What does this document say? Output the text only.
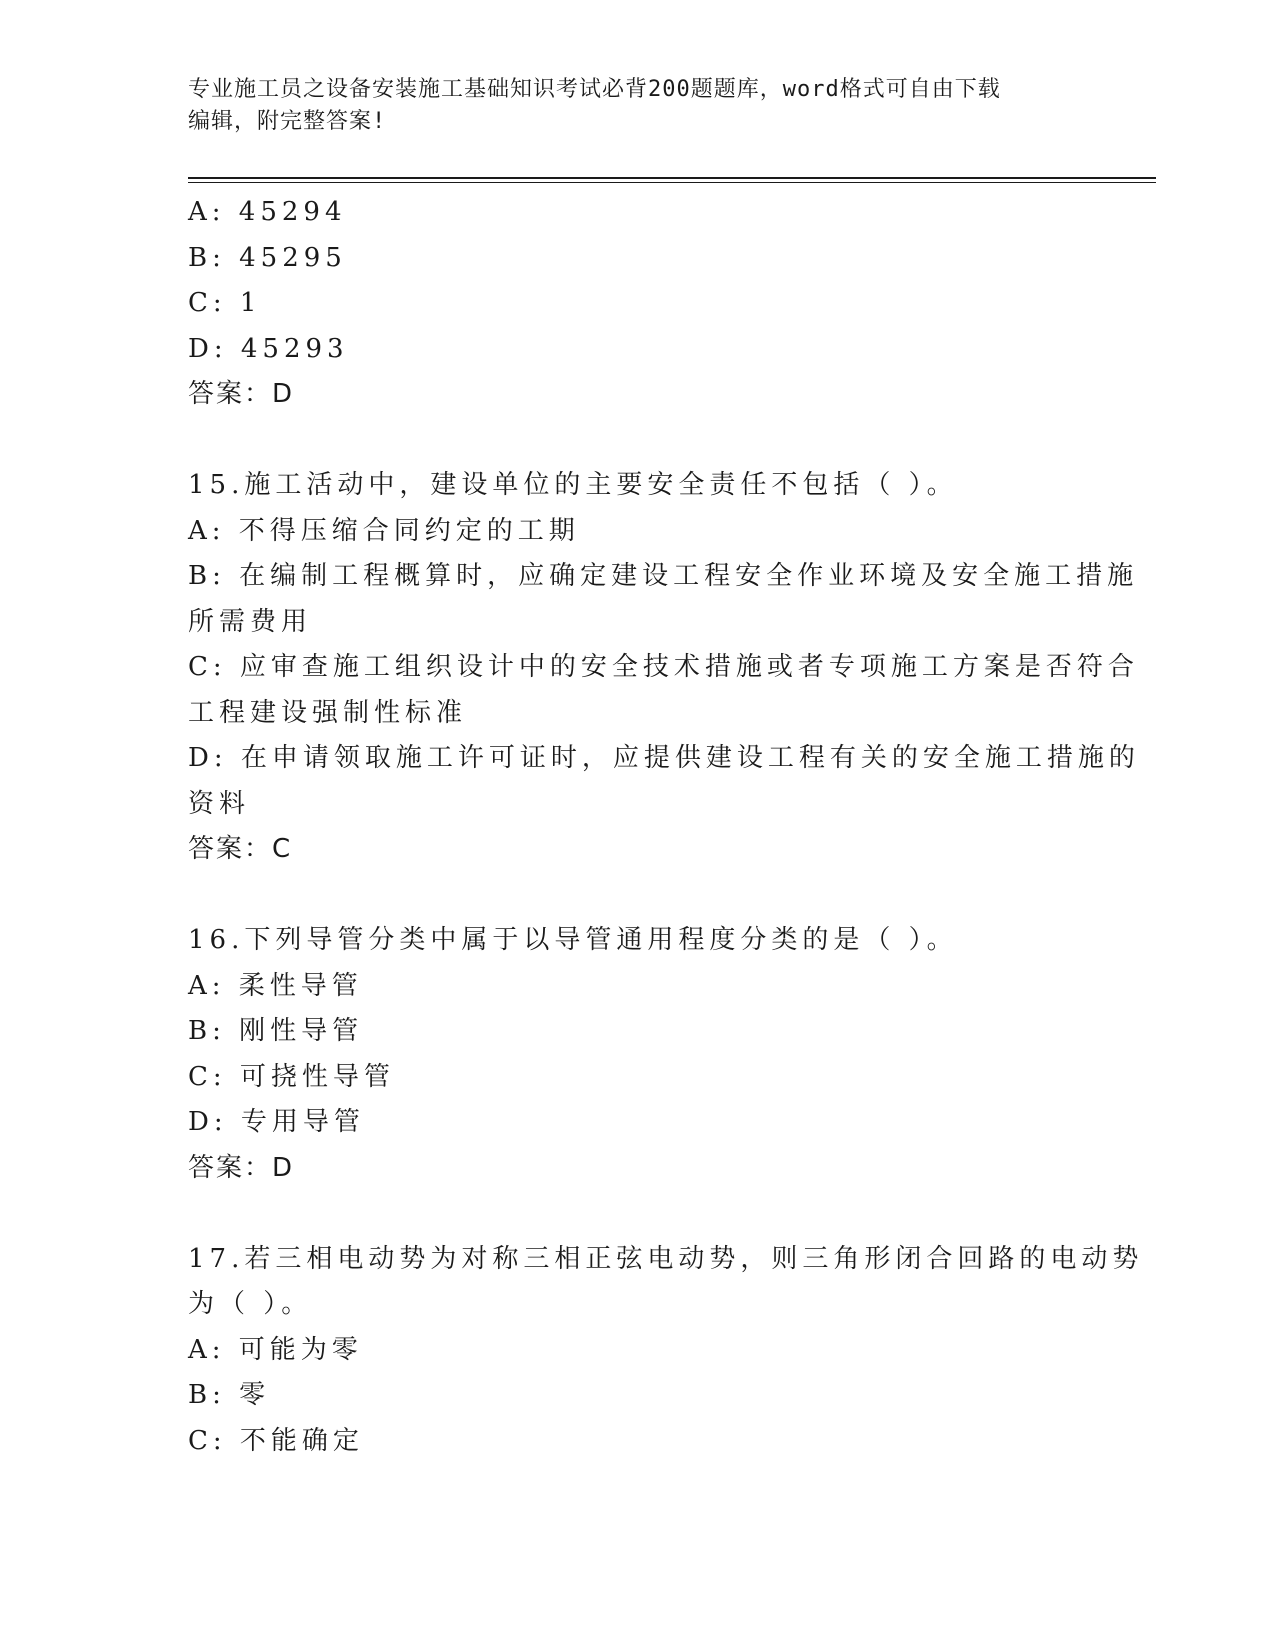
专业施工员之设备安装施工基础知识考试必背200题题库，word格式可自由下载
编辑，附完整答案!
A: 45294
B: 45295
C: 1
D: 45293
答案：D
15.施工活动中，建设单位的主要安全责任不包括（ ）。
A: 不得压缩合同约定的工期
B: 在编制工程概算时，应确定建设工程安全作业环境及安全施工措施
所需费用
C: 应审查施工组织设计中的安全技术措施或者专项施工方案是否符合
工程建设强制性标准
D: 在申请领取施工许可证时，应提供建设工程有关的安全施工措施的
资料
答案：C
16.下列导管分类中属于以导管通用程度分类的是（ ）。
A: 柔性导管
B: 刚性导管
C: 可挠性导管
D: 专用导管
答案：D
17.若三相电动势为对称三相正弦电动势，则三角形闭合回路的电动势
为（ ）。
A: 可能为零
B: 零
C: 不能确定
